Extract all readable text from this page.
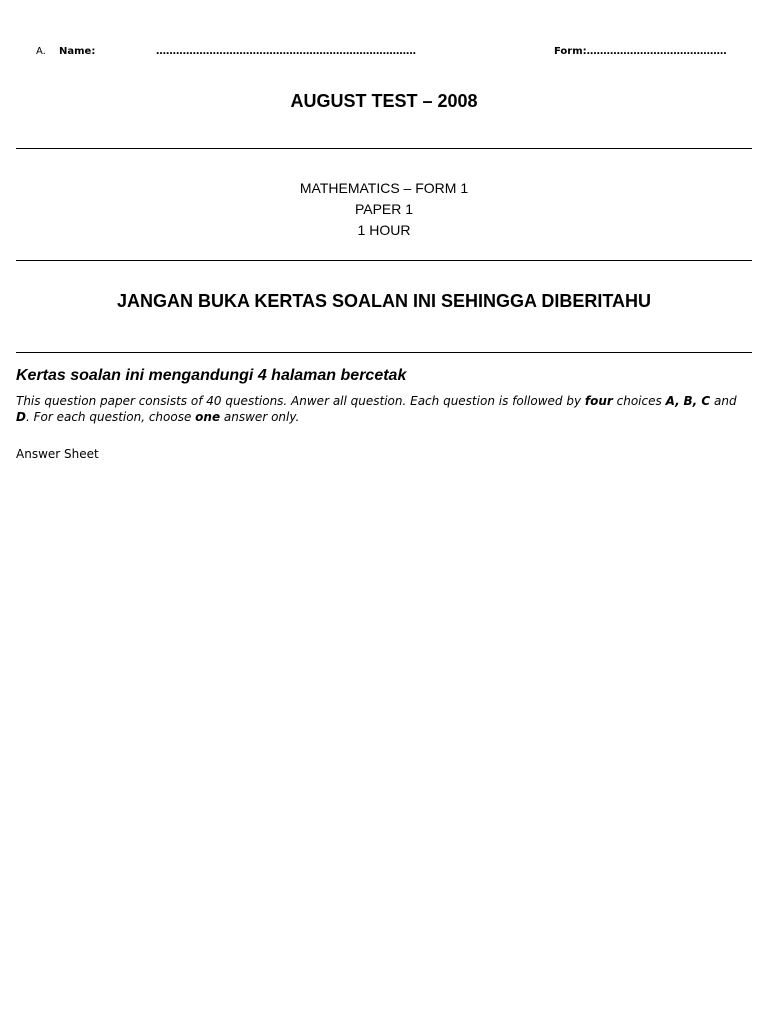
A. Name:	……………………………………………………………………	Form:……………………………………
AUGUST TEST – 2008
MATHEMATICS – FORM 1
PAPER 1
1 HOUR
JANGAN BUKA KERTAS SOALAN INI SEHINGGA DIBERITAHU
Kertas soalan ini mengandungi 4 halaman bercetak
This question paper consists of 40 questions. Anwer all question. Each question is followed by four choices A, B, C and D. For each question, choose one answer only.
Answer Sheet
